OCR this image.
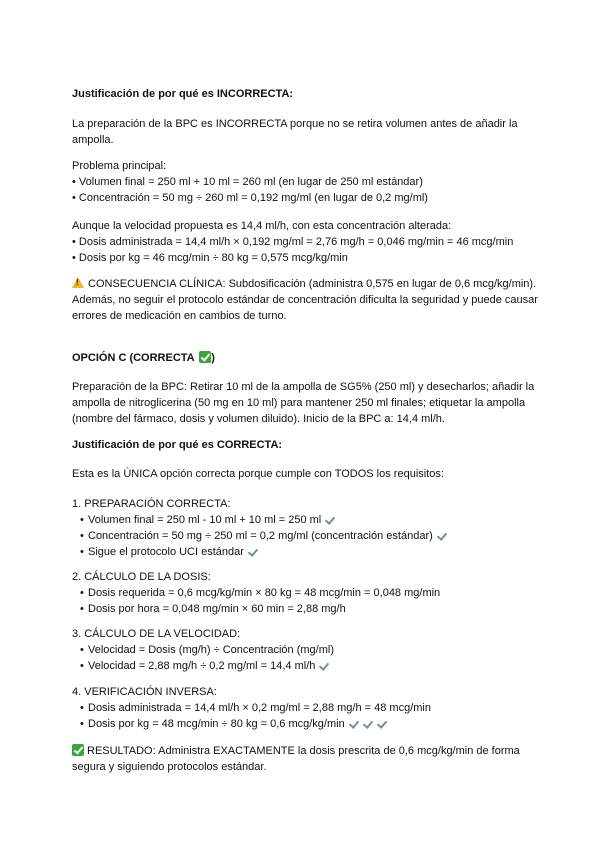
Justificación de por qué es INCORRECTA:

La preparación de la BPC es INCORRECTA porque no se retira volumen antes de añadir la ampolla.

Problema principal:

• Volumen final = 250 ml + 10 ml = 260 ml (en lugar de 250 ml estándar)
• Concentración = 50 mg ÷ 260 ml = 0,192 mg/ml (en lugar de 0,2 mg/ml)

Aunque la velocidad propuesta es 14,4 ml/h, con esta concentración alterada:

• Dosis administrada = 14,4 ml/h × 0,192 mg/ml = 2,76 mg/h = 0,046 mg/min = 46 mcg/min
• Dosis por kg = 46 mcg/min ÷ 80 kg = 0,575 mcg/kg/min

!CONSECUENCIA CLÍNICA: Subdosificación (administra 0,575 en lugar de 0,6 mcg/kg/min). Además, no seguir el protocolo estándar de concentración dificulta la seguridad y puede causar errores de medicación en cambios de turno.

OPCIÓN C (CORRECTA )

Preparación de la BPC: Retirar 10 ml de la ampolla de SG5% (250 ml) y desecharlos; añadir la ampolla de nitroglicerina (50 mg en 10 ml) para mantener 250 ml finales; etiquetar la ampolla (nombre del fármaco, dosis y volumen diluido). Inicio de la BPC a: 14,4 ml/h.

Justificación de por qué es CORRECTA:

Esta es la ÚNICA opción correcta porque cumple con TODOS los requisitos:

1. PREPARACIÓN CORRECTA:

• Volumen final = 250 ml - 10 ml + 10 ml = 250 ml
• Concentración = 50 mg ÷ 250 ml = 0,2 mg/ml (concentración estándar)
• Sigue el protocolo UCI estándar

2. CÁLCULO DE LA DOSIS:

• Dosis requerida = 0,6 mcg/kg/min × 80 kg = 48 mcg/min = 0,048 mg/min
• Dosis por hora = 0,048 mg/min × 60 min = 2,88 mg/h

3. CÁLCULO DE LA VELOCIDAD:

• Velocidad = Dosis (mg/h) ÷ Concentración (mg/ml)
• Velocidad = 2,88 mg/h ÷ 0,2 mg/ml = 14,4 ml/h

4. VERIFICACIÓN INVERSA:

• Dosis administrada = 14,4 ml/h × 0,2 mg/ml = 2,88 mg/h = 48 mcg/min
• Dosis por kg = 48 mcg/min ÷ 80 kg = 0,6 mcg/kg/min

RESULTADO: Administra EXACTAMENTE la dosis prescrita de 0,6 mcg/kg/min de forma segura y siguiendo protocolos estándar.
